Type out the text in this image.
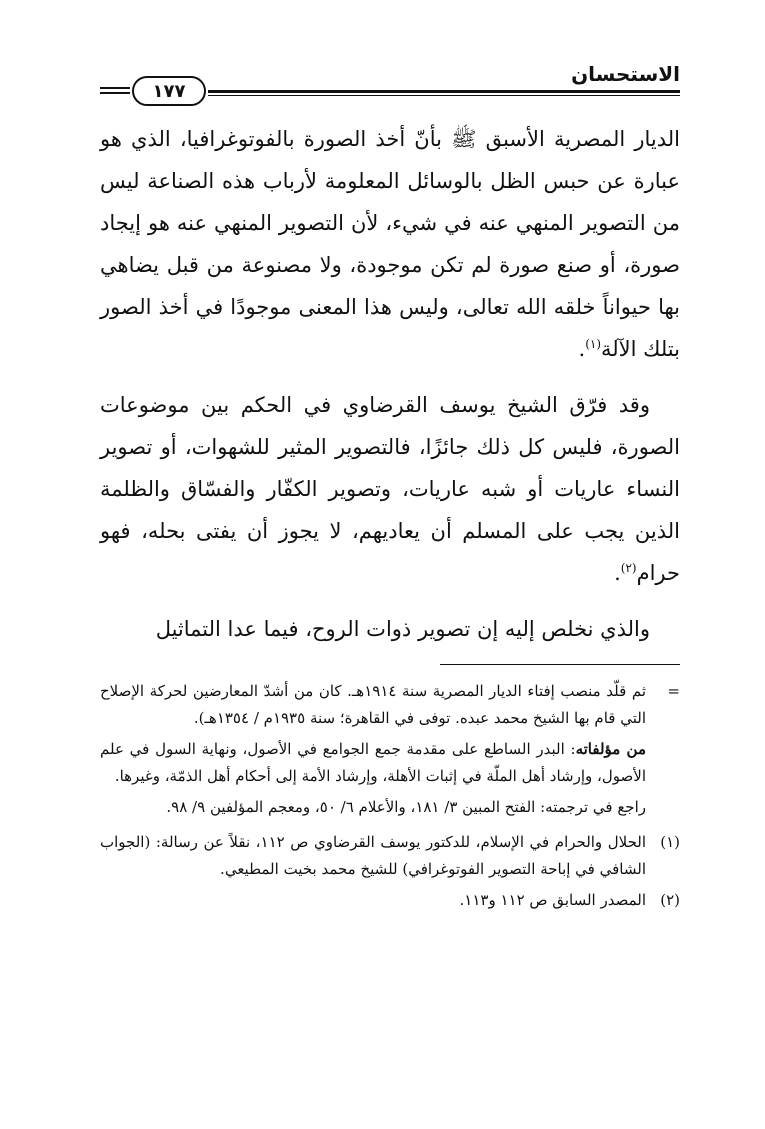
الاستحسان
١٧٧

الديار المصرية الأسبق ﷺ بأنّ أخذ الصورة بالفوتوغرافيا، الذي هو عبارة عن حبس الظل بالوسائل المعلومة لأرباب هذه الصناعة ليس من التصوير المنهي عنه في شيء، لأن التصوير المنهي عنه هو إيجاد صورة، أو صنع صورة لم تكن موجودة، ولا مصنوعة من قبل يضاهي بها حيواناً خلقه الله تعالى، وليس هذا المعنى موجودًا في أخذ الصور بتلك الآلة$^{(١)}$.

وقد فرّق الشيخ يوسف القرضاوي في الحكم بين موضوعات الصورة، فليس كل ذلك جائزًا، فالتصوير المثير للشهوات، أو تصوير النساء عاريات أو شبه عاريات، وتصوير الكفّار والفسّاق والظلمة الذين يجب على المسلم أن يعاديهم، لا يجوز أن يفتى بحله، فهو حرام$^{(٢)}$.

والذي نخلص إليه إن تصوير ذوات الروح، فيما عدا التماثيل

=

ثم قلّد منصب إفتاء الديار المصرية سنة ١٩١٤هـ. كان من أشدّ المعارضين لحركة الإصلاح التي قام بها الشيخ محمد عبده. توفى في القاهرة؛ سنة ١٩٣٥م / ١٣٥٤هـ).

من مؤلفاته: البدر الساطع على مقدمة جمع الجوامع في الأصول، ونهاية السول في علم الأصول، وإرشاد أهل الملّة في إثبات الأهلة، وإرشاد الأمة إلى أحكام أهل الذمّة، وغيرها.

راجع في ترجمته: الفتح المبين ٣/ ١٨١، والأعلام ٦/ ٥٠، ومعجم المؤلفين ٩/ ٩٨.

(١)
الحلال والحرام في الإسلام، للدكتور يوسف القرضاوي ص ١١٢، نقلاً عن رسالة: (الجواب الشافي في إباحة التصوير الفوتوغرافي) للشيخ محمد بخيت المطيعي.
(٢)
المصدر السابق ص ١١٢ و١١٣.
